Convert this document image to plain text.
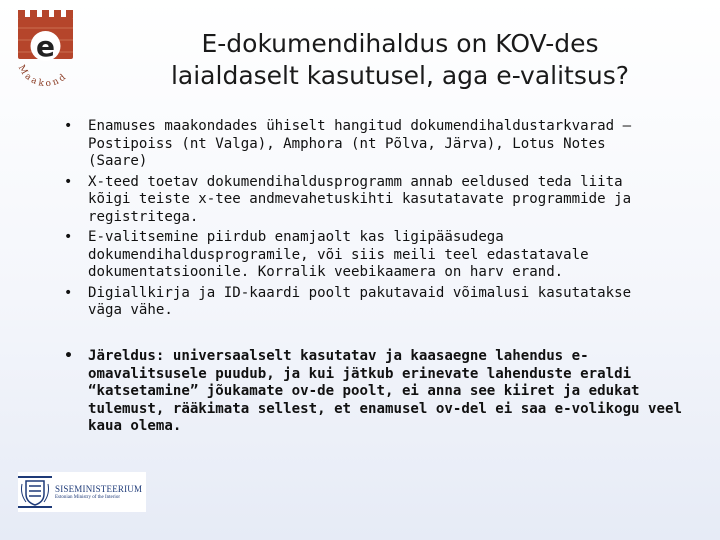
e
Maakond
E-dokumendihaldus on KOV-des
laialdaselt kasutusel, aga e-valitsus?
• Enamuses maakondades ühiselt hangitud dokumendihaldustarkvarad – Postipoiss (nt Valga), Amphora (nt Põlva, Järva), Lotus Notes (Saare)
• X-teed toetav dokumendihaldusprogramm annab eeldused teda liita kõigi teiste x-tee andmevahetuskihti kasutatavate programmide ja registritega.
• E-valitsemine piirdub enamjaolt kas ligipääsudega dokumendihaldusprogramile, või siis meili teel edastatavale dokumentatsioonile. Korralik veebikaamera on harv erand.
• Digiallkirja ja ID-kaardi poolt pakutavaid võimalusi kasutatakse väga vähe.
• Järeldus: universaalselt kasutatav ja kaasaegne lahendus e-omavalitsusele puudub, ja kui jätkub erinevate lahenduste eraldi “katsetamine” jõukamate ov-de poolt, ei anna see kiiret ja edukat tulemust, rääkimata sellest, et enamusel ov-del ei saa e-volikogu veel kaua olema.
SISEMINISTEERIUM
Estonian Ministry of the Interior
